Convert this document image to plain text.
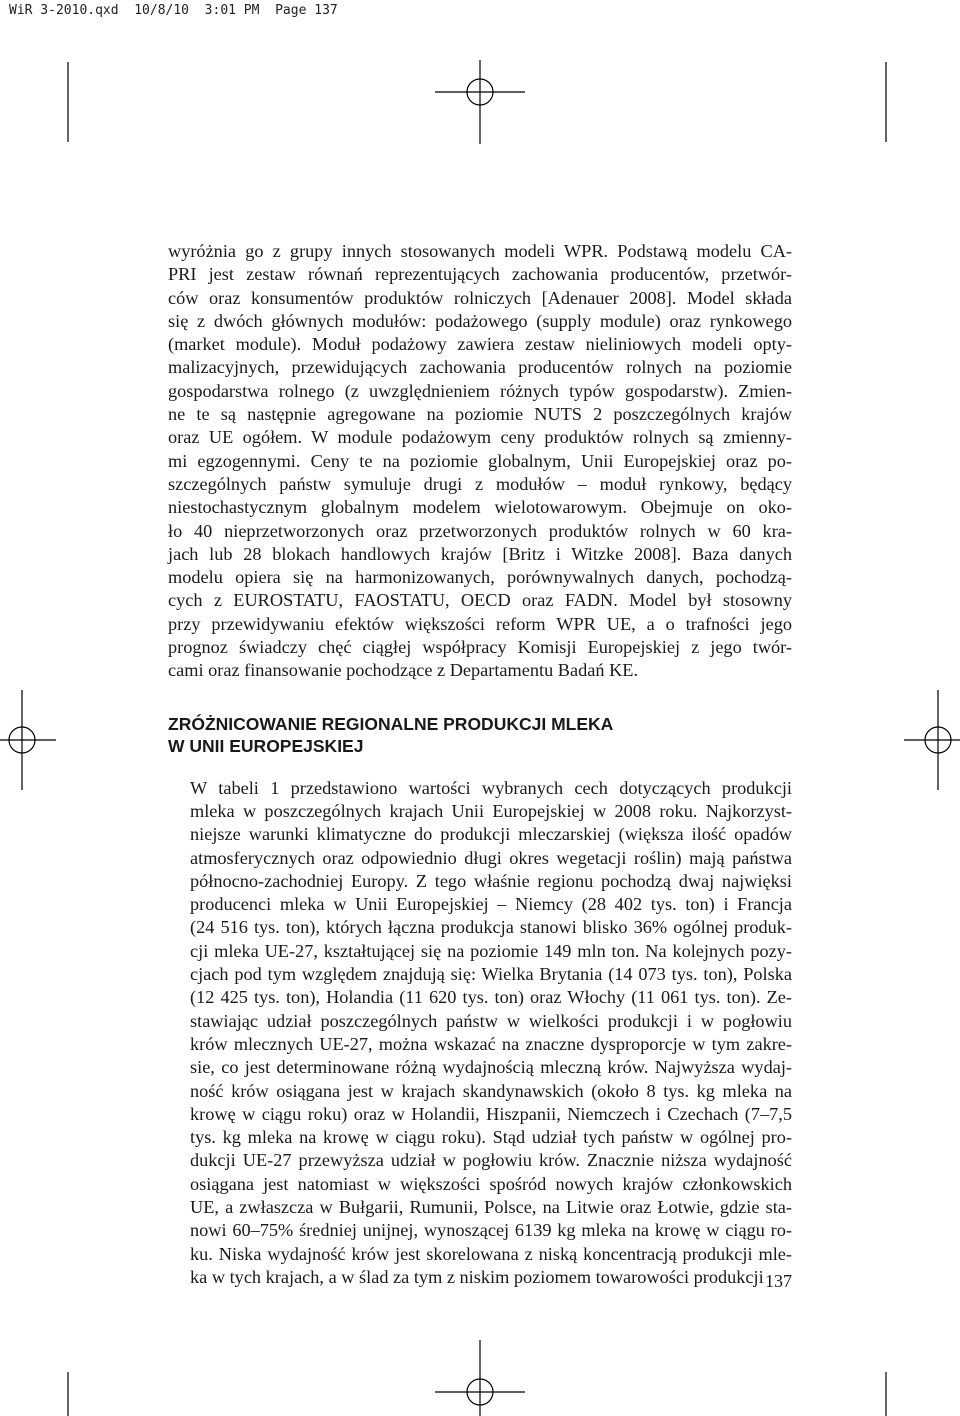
WiR 3-2010.qxd  10/8/10  3:01 PM  Page 137

wyróżnia go z grupy innych stosowanych modeli WPR. Podstawą modelu CA-
PRI jest zestaw równań reprezentujących zachowania producentów, przetwór-
ców oraz konsumentów produktów rolniczych [Adenauer 2008]. Model składa
się z dwóch głównych modułów: podażowego (supply module) oraz rynkowego
(market module). Moduł podażowy zawiera zestaw nieliniowych modeli opty-
malizacyjnych, przewidujących zachowania producentów rolnych na poziomie
gospodarstwa rolnego (z uwzględnieniem różnych typów gospodarstw). Zmien-
ne te są następnie agregowane na poziomie NUTS 2 poszczególnych krajów
oraz UE ogółem. W module podażowym ceny produktów rolnych są zmienny-
mi egzogennymi. Ceny te na poziomie globalnym, Unii Europejskiej oraz po-
szczególnych państw symuluje drugi z modułów – moduł rynkowy, będący
niestochastycznym globalnym modelem wielotowarowym. Obejmuje on oko-
ło 40 nieprzetworzonych oraz przetworzonych produktów rolnych w 60 kra-
jach lub 28 blokach handlowych krajów [Britz i Witzke 2008]. Baza danych
modelu opiera się na harmonizowanych, porównywalnych danych, pochodzą-
cych z EUROSTATU, FAOSTATU, OECD oraz FADN. Model był stosowny
przy przewidywaniu efektów większości reform WPR UE, a o trafności jego
prognoz świadczy chęć ciągłej współpracy Komisji Europejskiej z jego twór-
cami oraz finansowanie pochodzące z Departamentu Badań KE.

ZRÓŻNICOWANIE REGIONALNE PRODUKCJI MLEKA
W UNII EUROPEJSKIEJ

W tabeli 1 przedstawiono wartości wybranych cech dotyczących produkcji
mleka w poszczególnych krajach Unii Europejskiej w 2008 roku. Najkorzyst-
niejsze warunki klimatyczne do produkcji mleczarskiej (większa ilość opadów
atmosferycznych oraz odpowiednio długi okres wegetacji roślin) mają państwa
północno-zachodniej Europy. Z tego właśnie regionu pochodzą dwaj najwięksi
producenci mleka w Unii Europejskiej – Niemcy (28 402 tys. ton) i Francja
(24 516 tys. ton), których łączna produkcja stanowi blisko 36% ogólnej produk-
cji mleka UE-27, kształtującej się na poziomie 149 mln ton. Na kolejnych pozy-
cjach pod tym względem znajdują się: Wielka Brytania (14 073 tys. ton), Polska
(12 425 tys. ton), Holandia (11 620 tys. ton) oraz Włochy (11 061 tys. ton). Ze-
stawiając udział poszczególnych państw w wielkości produkcji i w pogłowiu
krów mlecznych UE-27, można wskazać na znaczne dysproporcje w tym zakre-
sie, co jest determinowane różną wydajnością mleczną krów. Najwyższa wydaj-
ność krów osiągana jest w krajach skandynawskich (około 8 tys. kg mleka na
krowę w ciągu roku) oraz w Holandii, Hiszpanii, Niemczech i Czechach (7–7,5
tys. kg mleka na krowę w ciągu roku). Stąd udział tych państw w ogólnej pro-
dukcji UE-27 przewyższa udział w pogłowiu krów. Znacznie niższa wydajność
osiągana jest natomiast w większości spośród nowych krajów członkowskich
UE, a zwłaszcza w Bułgarii, Rumunii, Polsce, na Litwie oraz Łotwie, gdzie sta-
nowi 60–75% średniej unijnej, wynoszącej 6139 kg mleka na krowę w ciągu ro-
ku. Niska wydajność krów jest skorelowana z niską koncentracją produkcji mle-
ka w tych krajach, a w ślad za tym z niskim poziomem towarowości produkcji 137
